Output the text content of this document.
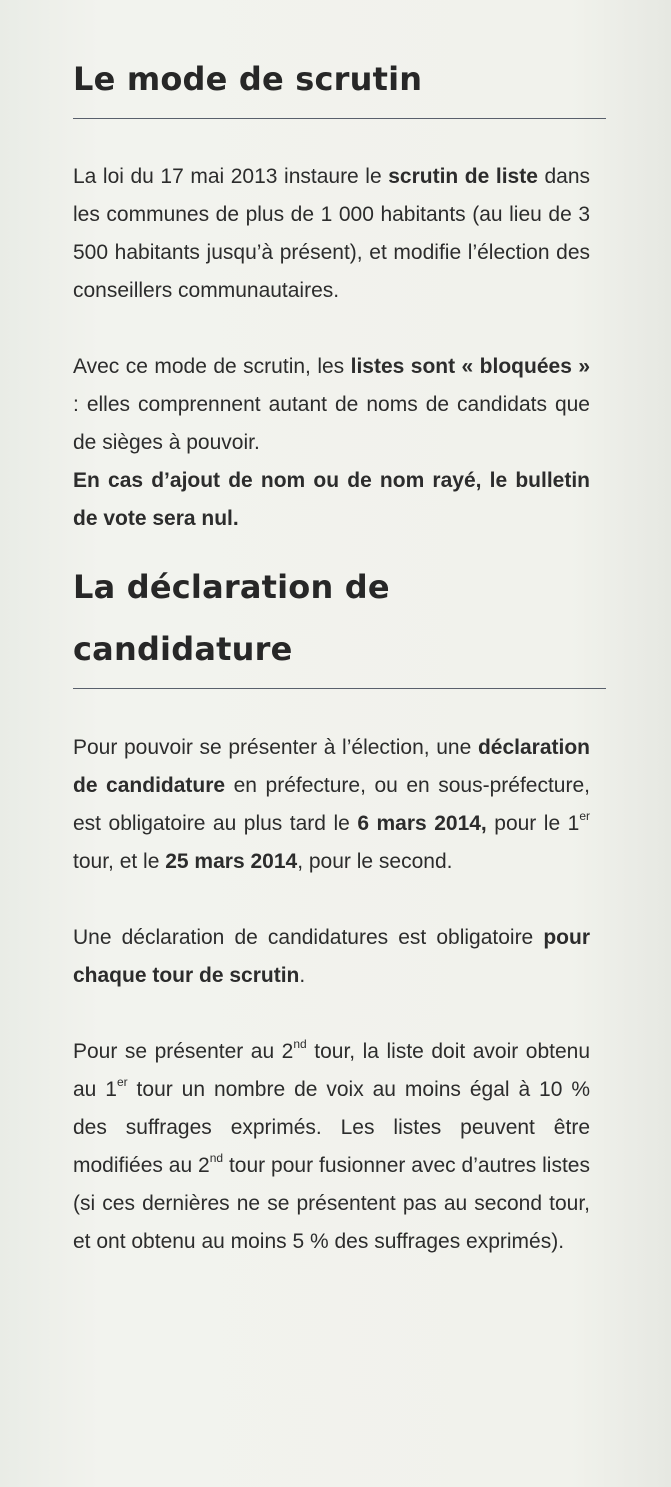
Le mode de scrutin

La loi du 17 mai 2013 instaure le scrutin de liste dans les communes de plus de 1 000 habitants (au lieu de 3 500 habitants jusqu’à présent), et modifie l’élection des conseillers communautaires.

Avec ce mode de scrutin, les listes sont « bloquées » : elles comprennent autant de noms de candidats que de sièges à pouvoir.

En cas d’ajout de nom ou de nom rayé, le bulletin de vote sera nul.

La déclaration de
candidature

Pour pouvoir se présenter à l’élection, une déclaration de candidature en préfecture, ou en sous-préfecture, est obligatoire au plus tard le 6 mars 2014, pour le 1er tour, et le 25 mars 2014, pour le second.

Une déclaration de candidatures est obligatoire pour chaque tour de scrutin.

Pour se présenter au 2nd tour, la liste doit avoir obtenu au 1er tour un nombre de voix au moins égal à 10 % des suffrages exprimés. Les listes peuvent être modifiées au 2nd tour pour fusionner avec d’autres listes (si ces dernières ne se présentent pas au second tour, et ont obtenu au moins 5 % des suffrages exprimés).
